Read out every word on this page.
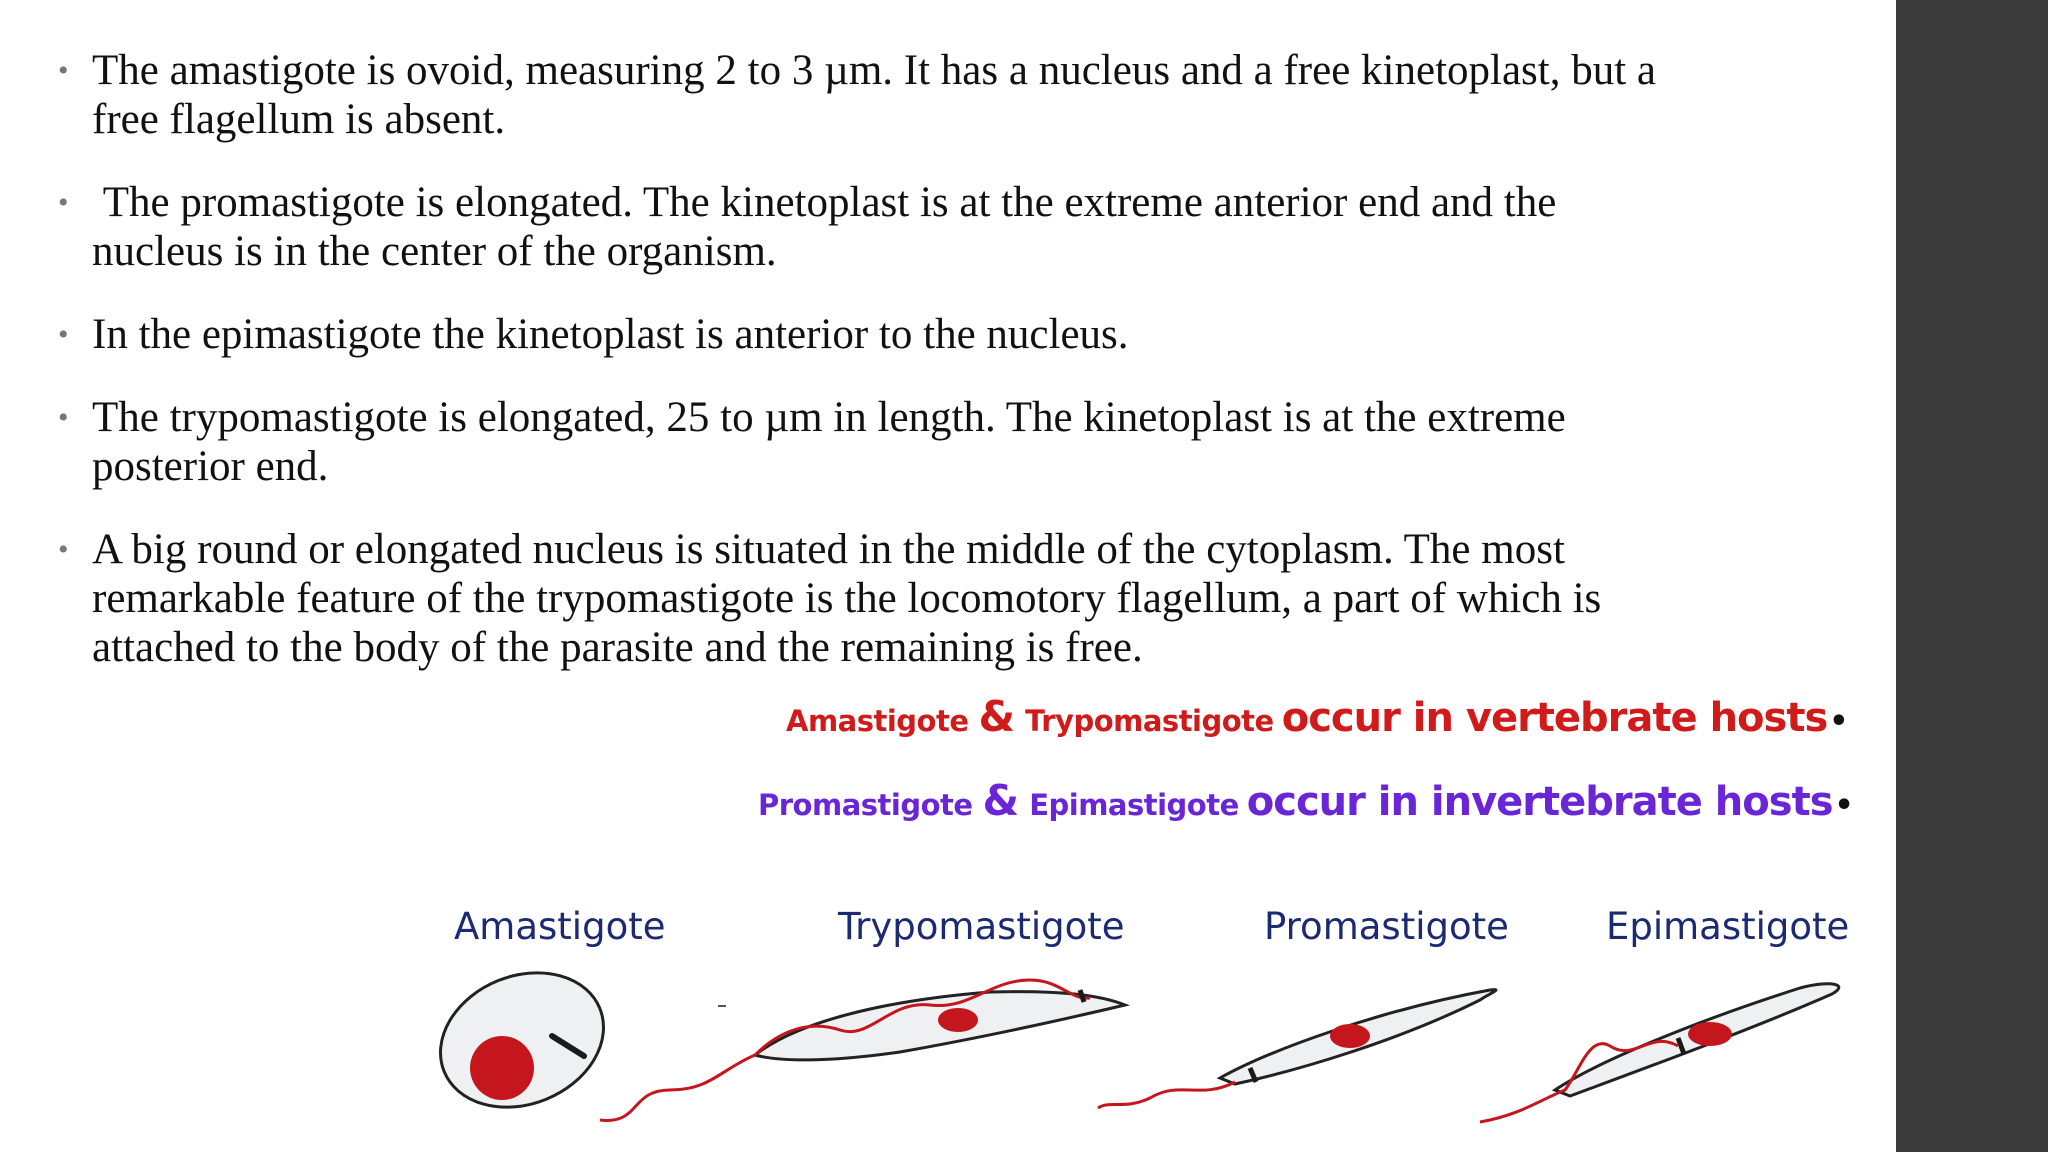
• The amastigote is ovoid, measuring 2 to 3 µm. It has a nucleus and a free kinetoplast, but a
free flagellum is absent.
• The promastigote is elongated. The kinetoplast is at the extreme anterior end and the
nucleus is in the center of the organism.
• In the epimastigote the kinetoplast is anterior to the nucleus.
• The trypomastigote is elongated, 25 to µm in length. The kinetoplast is at the extreme
posterior end.
• A big round or elongated nucleus is situated in the middle of the cytoplasm. The most
remarkable feature of the trypomastigote is the locomotory flagellum, a part of which is
attached to the body of the parasite and the remaining is free.
Amastigote & Trypomastigote occur in vertebrate hosts •
Promastigote & Epimastigote occur in invertebrate hosts •
Amastigote	Trypomastigote	Promastigote	Epimastigote
